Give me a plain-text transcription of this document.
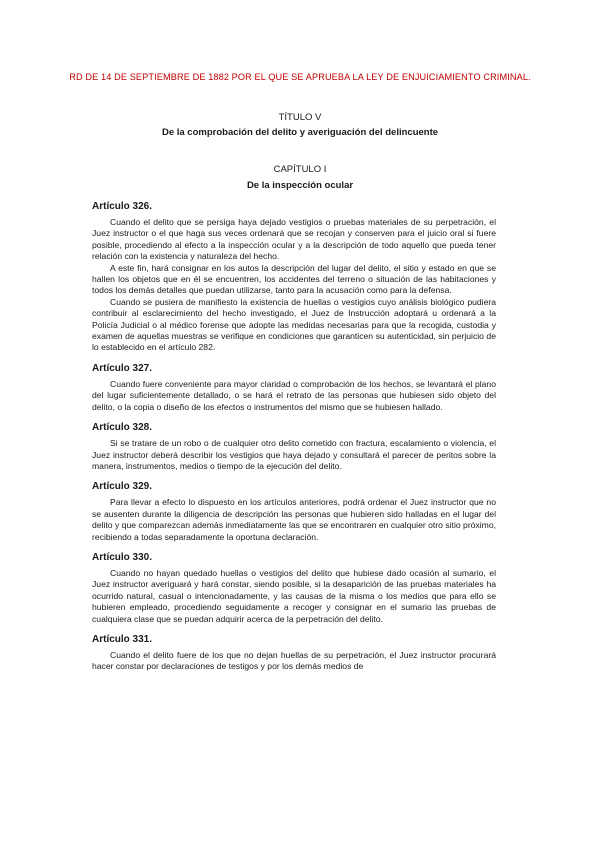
RD DE 14 DE SEPTIEMBRE DE 1882 POR EL QUE SE APRUEBA LA LEY DE ENJUICIAMIENTO CRIMINAL.
TÍTULO V
De la comprobación del delito y averiguación del delincuente
CAPÍTULO I
De la inspección ocular
Artículo 326.

Cuando el delito que se persiga haya dejado vestigios o pruebas materiales de su perpetración, el Juez instructor o el que haga sus veces ordenará que se recojan y conserven para el juicio oral si fuere posible, procediendo al efecto a la inspección ocular y a la descripción de todo aquello que pueda tener relación con la existencia y naturaleza del hecho.

A este fin, hará consignar en los autos la descripción del lugar del delito, el sitio y estado en que se hallen los objetos que en él se encuentren, los accidentes del terreno o situación de las habitaciones y todos los demás detalles que puedan utilizarse, tanto para la acusación como para la defensa.

Cuando se pusiera de manifiesto la existencia de huellas o vestigios cuyo análisis biológico pudiera contribuir al esclarecimiento del hecho investigado, el Juez de Instrucción adoptará u ordenará a la Policía Judicial o al médico forense que adopte las medidas necesarias para que la recogida, custodia y examen de aquellas muestras se verifique en condiciones que garanticen su autenticidad, sin perjuicio de lo establecido en el artículo 282.

Artículo 327.

Cuando fuere conveniente para mayor claridad o comprobación de los hechos, se levantará el plano del lugar suficientemente detallado, o se hará el retrato de las personas que hubiesen sido objeto del delito, o la copia o diseño de los efectos o instrumentos del mismo que se hubiesen hallado.

Artículo 328.

Si se tratare de un robo o de cualquier otro delito cometido con fractura, escalamiento o violencia, el Juez instructor deberá describir los vestigios que haya dejado y consultará el parecer de peritos sobre la manera, instrumentos, medios o tiempo de la ejecución del delito.

Artículo 329.

Para llevar a efecto lo dispuesto en los artículos anteriores, podrá ordenar el Juez instructor que no se ausenten durante la diligencia de descripción las personas que hubieren sido halladas en el lugar del delito y que comparezcan además inmediatamente las que se encontraren en cualquier otro sitio próximo, recibiendo a todas separadamente la oportuna declaración.

Artículo 330.

Cuando no hayan quedado huellas o vestigios del delito que hubiese dado ocasión al sumario, el Juez instructor averiguará y hará constar, siendo posible, si la desaparición de las pruebas materiales ha ocurrido natural, casual o intencionadamente, y las causas de la misma o los medios que para ello se hubieren empleado, procediendo seguidamente a recoger y consignar en el sumario las pruebas de cualquiera clase que se puedan adquirir acerca de la perpetración del delito.

Artículo 331.

Cuando el delito fuere de los que no dejan huellas de su perpetración, el Juez instructor procurará hacer constar por declaraciones de testigos y por los demás medios de
